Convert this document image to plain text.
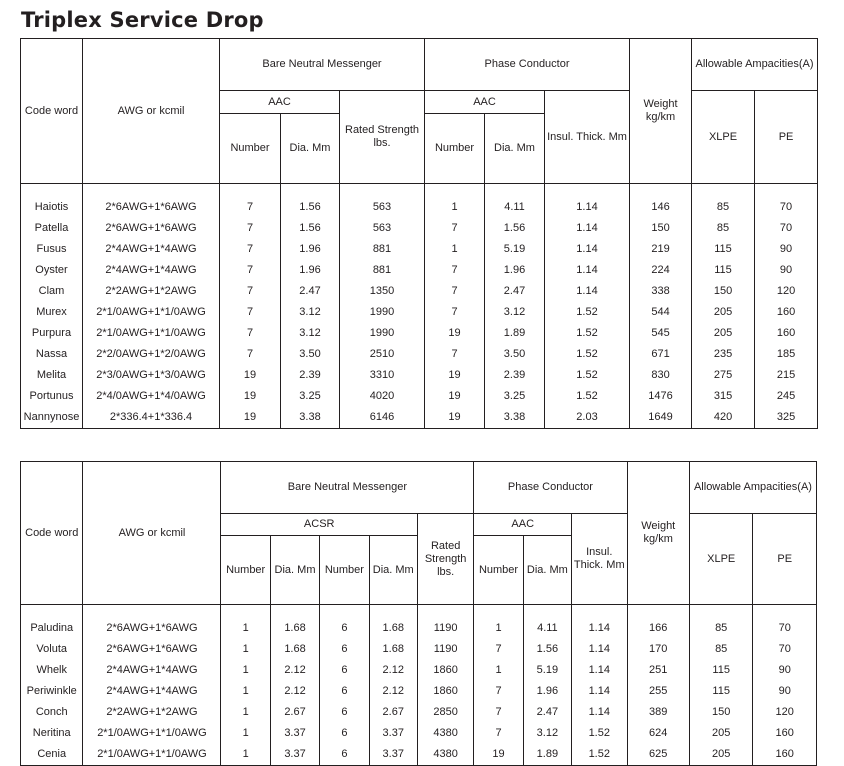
Triplex Service Drop
Code word	AWG or kcmil	Bare Neutral Messenger			Phase Conductor			Weight kg/km	Allowable Ampacities(A)	
		AAC		Rated Strength lbs.	AAC		Insul. Thick. Mm		XLPE	PE
		Number	Dia. Mm		Number	Dia. Mm				
Haiotis	2*6AWG+1*6AWG	7	1.56	563	1	4.11	1.14	146	85	70
Patella	2*6AWG+1*6AWG	7	1.56	563	7	1.56	1.14	150	85	70
Fusus	2*4AWG+1*4AWG	7	1.96	881	1	5.19	1.14	219	115	90
Oyster	2*4AWG+1*4AWG	7	1.96	881	7	1.96	1.14	224	115	90
Clam	2*2AWG+1*2AWG	7	2.47	1350	7	2.47	1.14	338	150	120
Murex	2*1/0AWG+1*1/0AWG	7	3.12	1990	7	3.12	1.52	544	205	160
Purpura	2*1/0AWG+1*1/0AWG	7	3.12	1990	19	1.89	1.52	545	205	160
Nassa	2*2/0AWG+1*2/0AWG	7	3.50	2510	7	3.50	1.52	671	235	185
Melita	2*3/0AWG+1*3/0AWG	19	2.39	3310	19	2.39	1.52	830	275	215
Portunus	2*4/0AWG+1*4/0AWG	19	3.25	4020	19	3.25	1.52	1476	315	245
Nannynose	2*336.4+1*336.4	19	3.38	6146	19	3.38	2.03	1649	420	325
Code word	AWG or kcmil	Bare Neutral Messenger					Phase Conductor			Weight kg/km	Allowable Ampacities(A)	
		ACSR				Rated Strength lbs.	AAC		Insul. Thick. Mm		XLPE	PE
		Number	Dia. Mm	Number	Dia. Mm		Number	Dia. Mm				
Paludina	2*6AWG+1*6AWG	1	1.68	6	1.68	1190	1	4.11	1.14	166	85	70
Voluta	2*6AWG+1*6AWG	1	1.68	6	1.68	1190	7	1.56	1.14	170	85	70
Whelk	2*4AWG+1*4AWG	1	2.12	6	2.12	1860	1	5.19	1.14	251	115	90
Periwinkle	2*4AWG+1*4AWG	1	2.12	6	2.12	1860	7	1.96	1.14	255	115	90
Conch	2*2AWG+1*2AWG	1	2.67	6	2.67	2850	7	2.47	1.14	389	150	120
Neritina	2*1/0AWG+1*1/0AWG	1	3.37	6	3.37	4380	7	3.12	1.52	624	205	160
Cenia	2*1/0AWG+1*1/0AWG	1	3.37	6	3.37	4380	19	1.89	1.52	625	205	160
